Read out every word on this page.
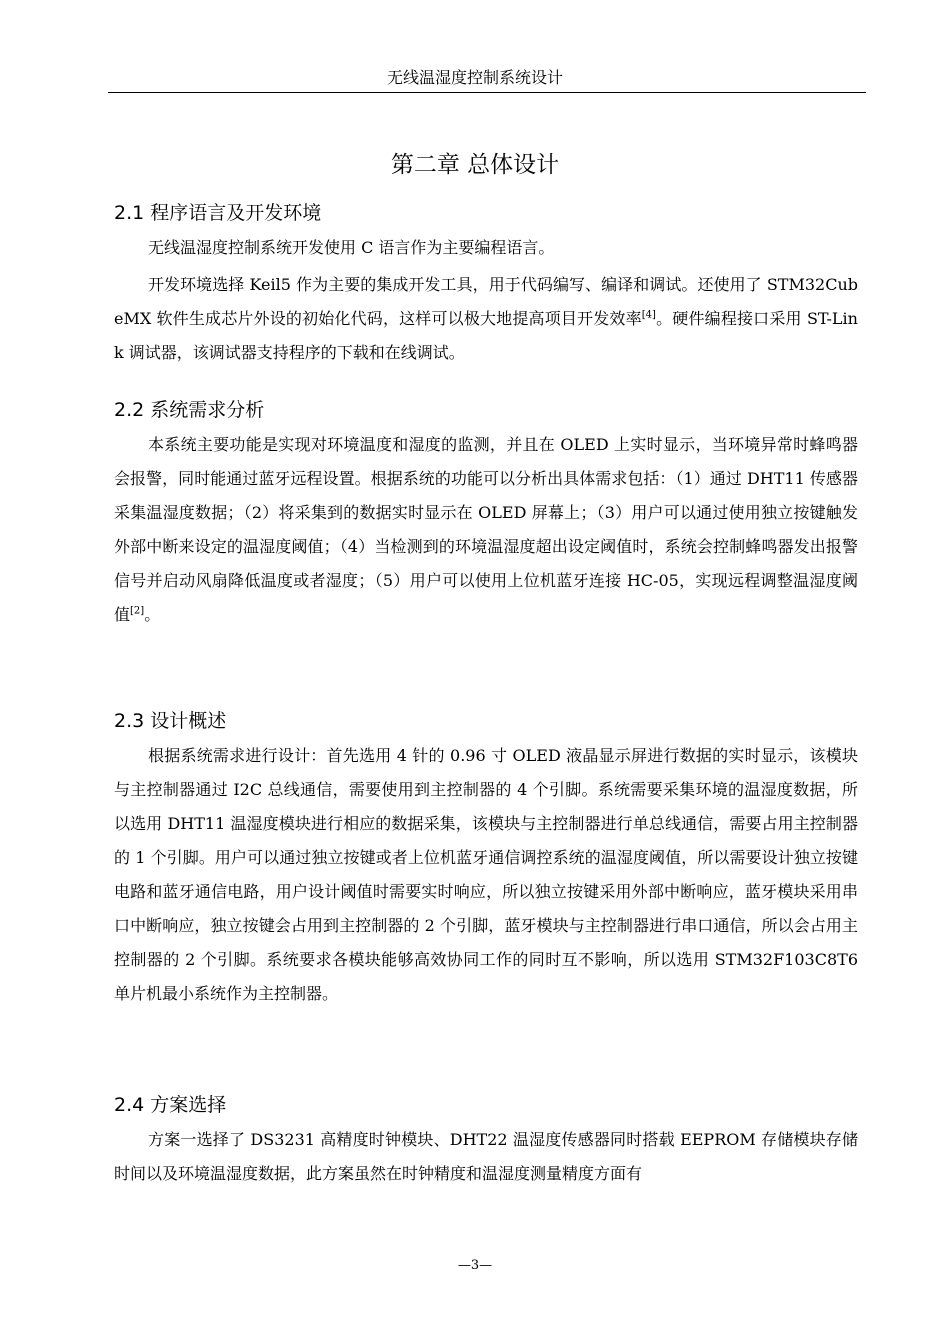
无线温湿度控制系统设计
第二章 总体设计
2.1 程序语言及开发环境

无线温湿度控制系统开发使用 C 语言作为主要编程语言。

开发环境选择 Keil5 作为主要的集成开发工具，用于代码编写、编译和调试。还使用了 STM32CubeMX 软件生成芯片外设的初始化代码，这样可以极大地提高项目开发效率[4]。硬件编程接口采用 ST-Link 调试器，该调试器支持程序的下载和在线调试。

2.2 系统需求分析

本系统主要功能是实现对环境温度和湿度的监测，并且在 OLED 上实时显示，当环境异常时蜂鸣器会报警，同时能通过蓝牙远程设置。根据系统的功能可以分析出具体需求包括：（1）通过 DHT11 传感器采集温湿度数据；（2）将采集到的数据实时显示在 OLED 屏幕上；（3）用户可以通过使用独立按键触发外部中断来设定的温湿度阈值；（4）当检测到的环境温湿度超出设定阈值时，系统会控制蜂鸣器发出报警信号并启动风扇降低温度或者湿度；（5）用户可以使用上位机蓝牙连接 HC-05，实现远程调整温湿度阈值[2]。

2.3 设计概述

根据系统需求进行设计：首先选用 4 针的 0.96 寸 OLED 液晶显示屏进行数据的实时显示，该模块与主控制器通过 I2C 总线通信，需要使用到主控制器的 4 个引脚。系统需要采集环境的温湿度数据，所以选用 DHT11 温湿度模块进行相应的数据采集，该模块与主控制器进行单总线通信，需要占用主控制器的 1 个引脚。用户可以通过独立按键或者上位机蓝牙通信调控系统的温湿度阈值，所以需要设计独立按键电路和蓝牙通信电路，用户设计阈值时需要实时响应，所以独立按键采用外部中断响应，蓝牙模块采用串口中断响应，独立按键会占用到主控制器的 2 个引脚，蓝牙模块与主控制器进行串口通信，所以会占用主控制器的 2 个引脚。系统要求各模块能够高效协同工作的同时互不影响，所以选用 STM32F103C8T6 单片机最小系统作为主控制器。

2.4 方案选择

方案一选择了 DS3231 高精度时钟模块、DHT22 温湿度传感器同时搭载 EEPROM 存储模块存储时间以及环境温湿度数据，此方案虽然在时钟精度和温湿度测量精度方面有

—3—
